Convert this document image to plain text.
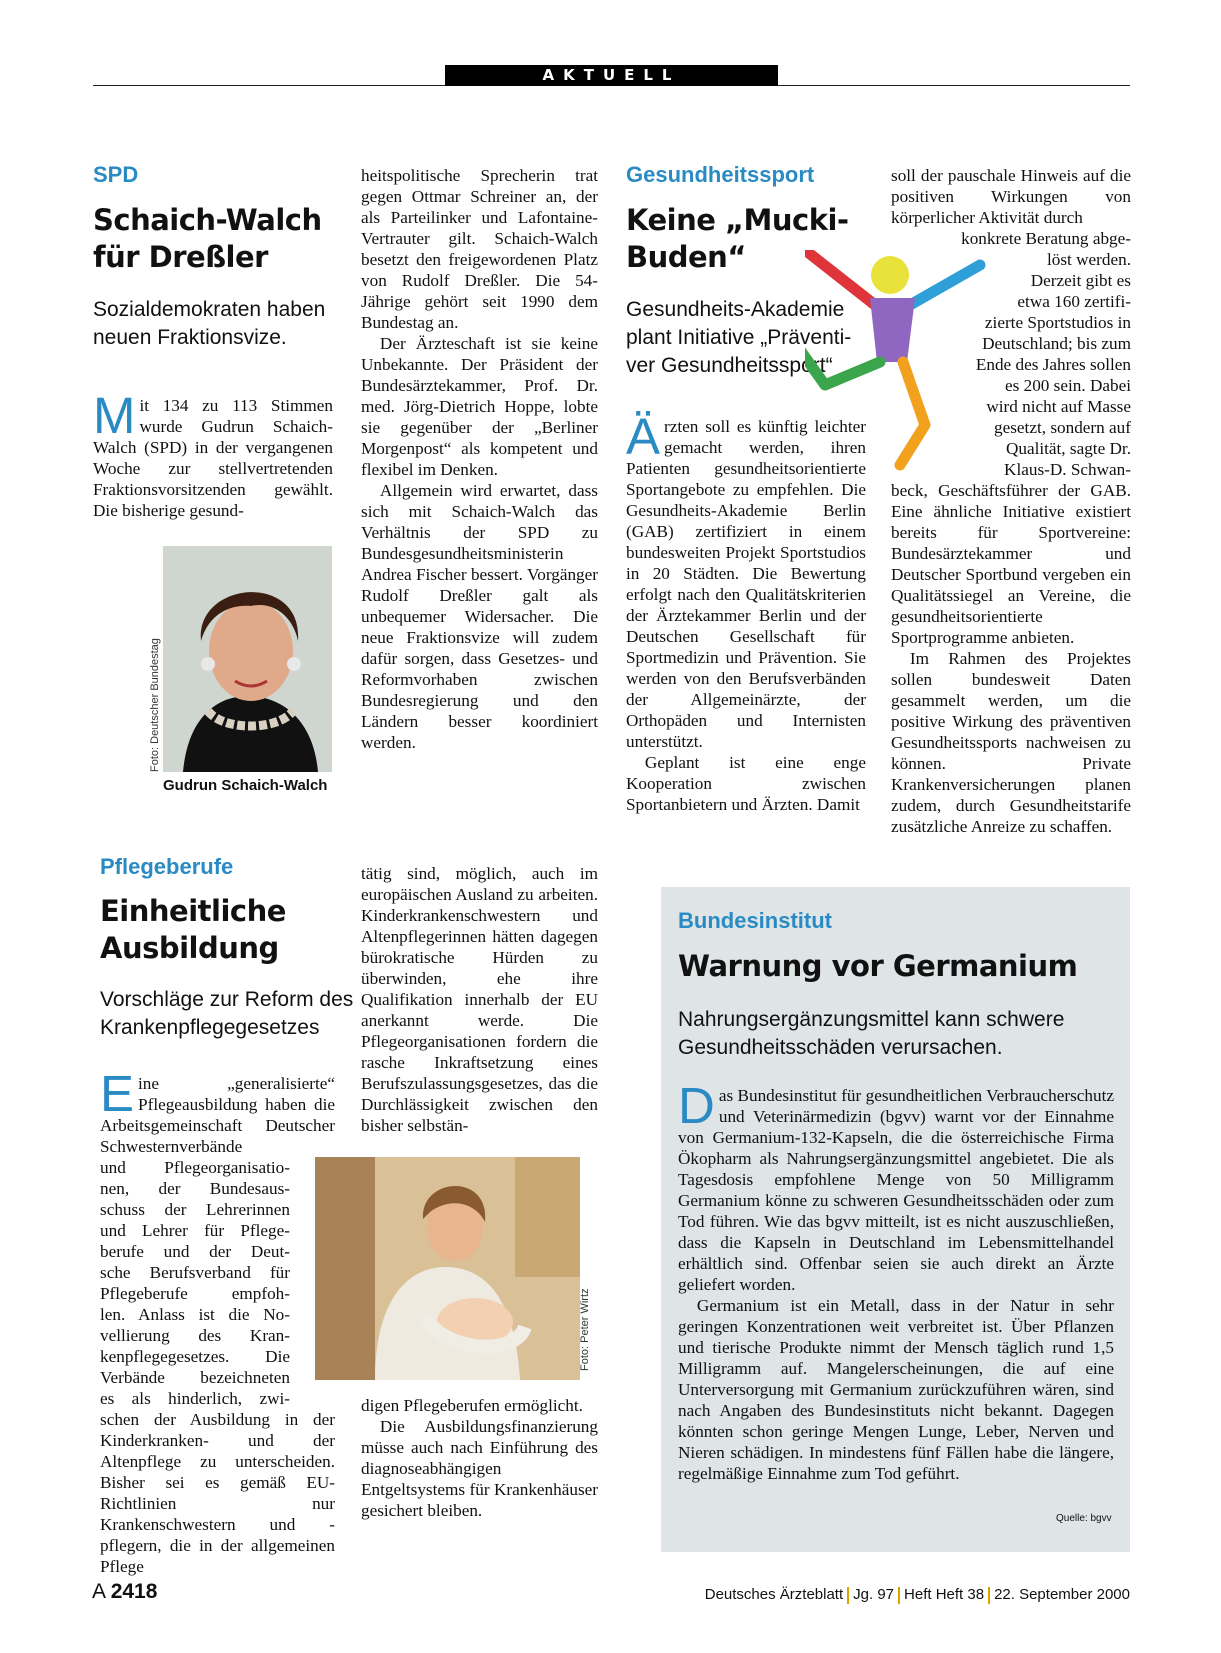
AKTUELL
SPD
Schaich-Walch
für Dreßler
Sozialdemokraten haben
neuen Fraktionsvize.
Mit 134 zu 113 Stimmen wurde Gudrun Schaich-Walch (SPD) in der vergangenen Woche zur stellvertretenden Fraktionsvorsitzenden gewählt. Die bisherige gesund-
Foto: Deutscher Bundestag
Gudrun Schaich-Walch

heitspolitische Sprecherin trat gegen Ottmar Schreiner an, der als Parteilinker und Lafontaine-Vertrauter gilt. Schaich-Walch besetzt den freigewordenen Platz von Rudolf Dreßler. Die 54-Jährige gehört seit 1990 dem Bundestag an.

Der Ärzteschaft ist sie keine Unbekannte. Der Präsident der Bundesärztekammer, Prof. Dr. med. Jörg-Dietrich Hoppe, lobte sie gegenüber der „Berliner Morgenpost“ als kompetent und flexibel im Denken.

Allgemein wird erwartet, dass sich mit Schaich-Walch das Verhältnis der SPD zu Bundesgesundheitsministerin Andrea Fischer bessert. Vorgänger Rudolf Dreßler galt als unbequemer Widersacher. Die neue Fraktionsvize will zudem dafür sorgen, dass Gesetzes- und Reformvorhaben zwischen Bundesregierung und den Ländern besser koordiniert werden.

Gesundheitssport
Keine „Mucki-
Buden“
Gesundheits-Akademie
plant Initiative „Präventi-
ver Gesundheitssport“

Ärzten soll es künftig leichter gemacht werden, ihren Patienten gesundheitsorientierte Sportangebote zu empfehlen. Die Gesundheits-Akademie Berlin (GAB) zertifiziert in einem bundesweiten Projekt Sportstudios in 20 Städten. Die Bewertung erfolgt nach den Qualitätskriterien der Ärztekammer Berlin und der Deutschen Gesellschaft für Sportmedizin und Prävention. Sie werden von den Berufsverbänden der Allgemeinärzte, der Orthopäden und Internisten unterstützt.

Geplant ist eine enge Kooperation zwischen Sportanbietern und Ärzten. Damit

soll der pauschale Hinweis auf die positiven Wirkungen von körperlicher Aktivität durch
konkrete Beratung abge-
löst werden.
Derzeit gibt es
etwa 160 zertifi-
zierte Sportstudios in
Deutschland; bis zum
Ende des Jahres sollen
es 200 sein. Dabei
wird nicht auf Masse
gesetzt, sondern auf
Qualität, sagte Dr.
Klaus-D. Schwan-

beck, Geschäftsführer der GAB. Eine ähnliche Initiative existiert bereits für Sportvereine: Bundesärztekammer und Deutscher Sportbund vergeben ein Qualitätssiegel an Vereine, die gesundheitsorientierte Sportprogramme anbieten.

Im Rahmen des Projektes sollen bundesweit Daten gesammelt werden, um die positive Wirkung des präventiven Gesundheitssports nachweisen zu können. Private Krankenversicherungen planen zudem, durch Gesundheitstarife zusätzliche Anreize zu schaffen.

Pflegeberufe
Einheitliche
Ausbildung
Vorschläge zur Reform des
Krankenpflegegesetzes
Eine „generalisierte“ Pflegeausbildung haben die Arbeitsgemeinschaft Deutscher Schwesternverbände
und Pflegeorganisatio-
nen, der Bundesaus-
schuss der Lehrerinnen
und Lehrer für Pflege-
berufe und der Deut-
sche Berufsverband für
Pflegeberufe empfoh-
len. Anlass ist die No-
vellierung des Kran-
kenpflegegesetzes. Die
Verbände bezeichneten
es als hinderlich, zwi-
schen der Ausbildung in der Kinderkranken- und der Altenpflege zu unterscheiden. Bisher sei es gemäß EU-Richtlinien nur Krankenschwestern und -pflegern, die in der allgemeinen Pflege

tätig sind, möglich, auch im europäischen Ausland zu arbeiten. Kinderkrankenschwestern und Altenpflegerinnen hätten dagegen bürokratische Hürden zu überwinden, ehe ihre Qualifikation innerhalb der EU anerkannt werde. Die Pflegeorganisationen fordern die rasche Inkraftsetzung eines Berufszulassungsgesetzes, das die Durchlässigkeit zwischen den bisher selbstän-

Foto: Peter Wirtz

digen Pflegeberufen ermöglicht.

Die Ausbildungsfinanzierung müsse auch nach Einführung des diagnoseabhängigen Entgeltsystems für Krankenhäuser gesichert bleiben.

Bundesinstitut
Warnung vor Germanium
Nahrungsergänzungsmittel kann schwere
Gesundheitsschäden verursachen.

Das Bundesinstitut für gesundheitlichen Verbraucherschutz und Veterinärmedizin (bgvv) warnt vor der Einnahme von Germanium-132-Kapseln, die die österreichische Firma Ökopharm als Nahrungsergänzungsmittel angebietet. Die als Tagesdosis empfohlene Menge von 50 Milligramm Germanium könne zu schweren Gesundheitsschäden oder zum Tod führen. Wie das bgvv mitteilt, ist es nicht auszuschließen, dass die Kapseln in Deutschland im Lebensmittelhandel erhältlich sind. Offenbar seien sie auch direkt an Ärzte geliefert worden.

Germanium ist ein Metall, dass in der Natur in sehr geringen Konzentrationen weit verbreitet ist. Über Pflanzen und tierische Produkte nimmt der Mensch täglich rund 1,5 Milligramm auf. Mangelerscheinungen, die auf eine Unterversorgung mit Germanium zurückzuführen wären, sind nach Angaben des Bundesinstituts nicht bekannt. Dagegen könnten schon geringe Mengen Lunge, Leber, Nerven und Nieren schädigen. In mindestens fünf Fällen habe die längere, regelmäßige Einnahme zum Tod geführt.

Quelle: bgvv
A 2418	Deutsches Ärzteblatt Jg. 97 Heft Heft 38 22. September 2000
